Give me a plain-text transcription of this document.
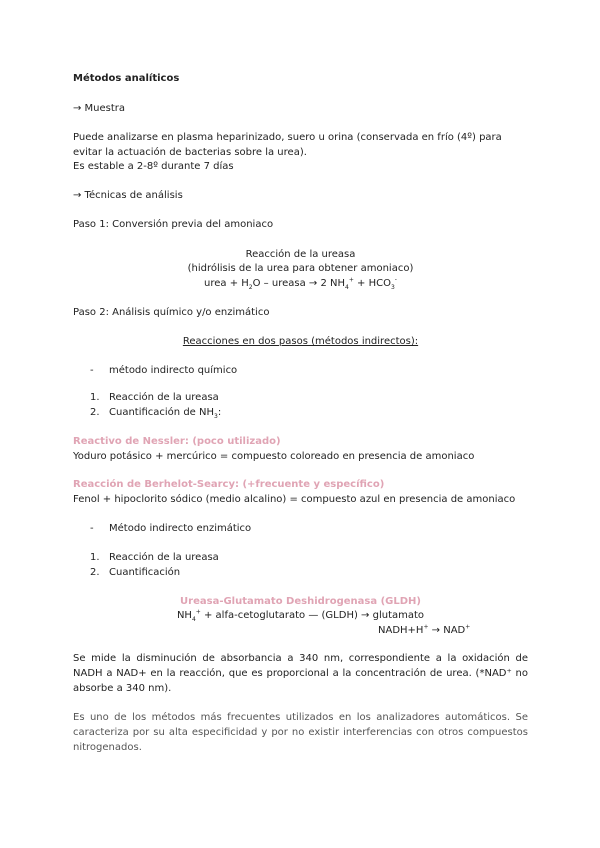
Métodos analíticos
→ Muestra
Puede analizarse en plasma heparinizado, suero u orina (conservada en frío (4º) para evitar la actuación de bacterias sobre la urea).
Es estable a 2-8º durante 7 días
→ Técnicas de análisis
Paso 1: Conversión previa del amoniaco
Reacción de la ureasa
(hidrólisis de la urea para obtener amoniaco)
urea + $H_2O$ – ureasa → 2 $NH_4^+ + HCO_3^-$
Paso 2: Análisis químico y/o enzimático
Reacciones en dos pasos (métodos indirectos):
- método indirecto químico
1. Reacción de la ureasa
2. Cuantificación de $NH_3$:
Reactivo de Nessler: (poco utilizado)
Yoduro potásico + mercúrico = compuesto coloreado en presencia de amoniaco
Reacción de Berhelot-Searcy: (+frecuente y específico)
Fenol + hipoclorito sódico (medio alcalino) = compuesto azul en presencia de amoniaco
- Método indirecto enzimático
1. Reacción de la ureasa
2. Cuantificación
Ureasa-Glutamato Deshidrogenasa (GLDH)
$NH_4^+$ + alfa-cetoglutarato — (GLDH) → glutamato
NADH+H+ → NAD+
Se mide la disminución de absorbancia a 340 nm, correspondiente a la oxidación de NADH a NAD+ en la reacción, que es proporcional a la concentración de urea. (*NAD⁺ no absorbe a 340 nm).
Es uno de los métodos más frecuentes utilizados en los analizadores automáticos. Se caracteriza por su alta especificidad y por no existir interferencias con otros compuestos nitrogenados.
